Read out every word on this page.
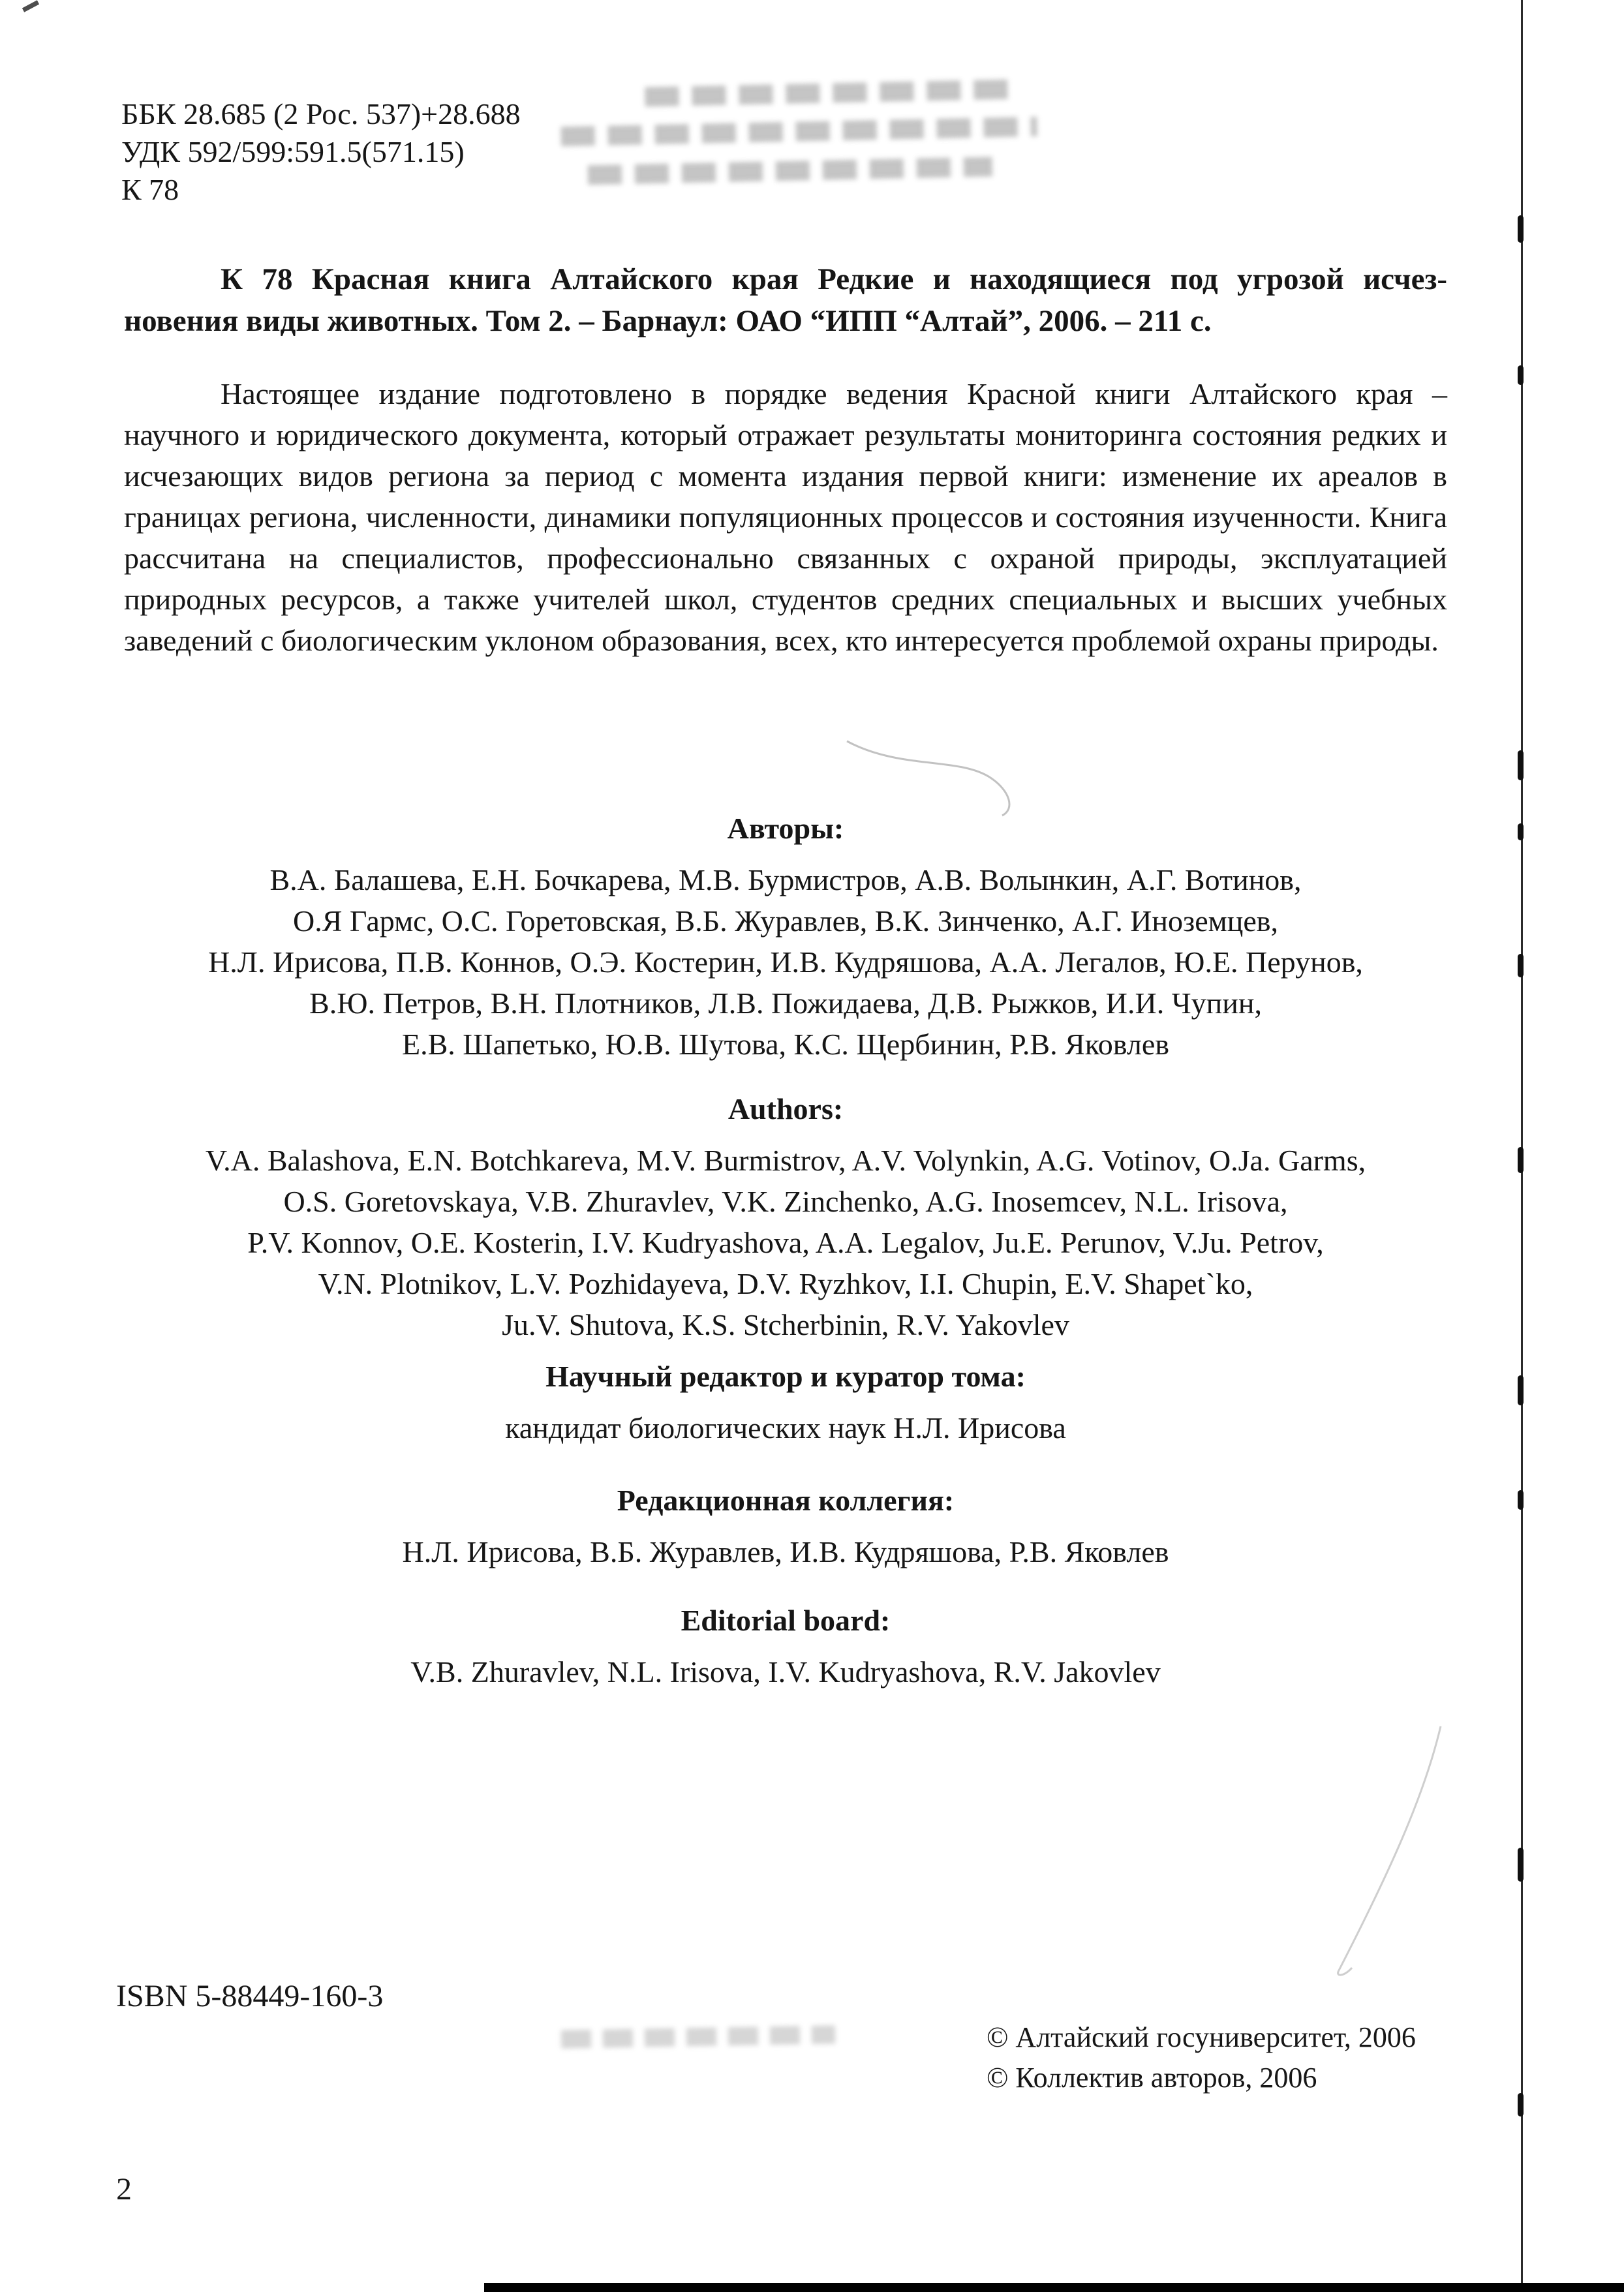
ББК 28.685 (2 Рос. 537)+28.688
УДК 592/599:591.5(571.15)
К 78
К 78 Красная книга Алтайского края Редкие и находящиеся под угрозой исчез-
новения виды животных. Том 2. – Барнаул: ОАО “ИПП “Алтай”, 2006. – 211 с.

Настоящее издание подготовлено в порядке ведения Красной книги Алтайского края – научного и юридического документа, который отражает результаты мониторинга состояния редких и исчезающих видов региона за период с момента издания первой книги: изменение их ареалов в границах региона, численности, динамики популяционных процессов и состояния изученности. Книга рассчитана на специалистов, профессионально связанных с охраной природы, эксплуатацией природных ресурсов, а также учителей школ, студентов средних специальных и высших учебных заведений с биологическим уклоном образования, всех, кто интересуется проблемой охраны природы.

Авторы:
В.А. Балашева, Е.Н. Бочкарева, М.В. Бурмистров, А.В. Волынкин, А.Г. Вотинов,
О.Я Гармс, О.С. Горетовская, В.Б. Журавлев, В.К. Зинченко, А.Г. Иноземцев,
Н.Л. Ирисова, П.В. Коннов, О.Э. Костерин, И.В. Кудряшова, А.А. Легалов, Ю.Е. Перунов,
В.Ю. Петров, В.Н. Плотников, Л.В. Пожидаева, Д.В. Рыжков, И.И. Чупин,
Е.В. Шапетько, Ю.В. Шутова, К.С. Щербинин, Р.В. Яковлев
Authors:
V.A. Balashova, E.N. Botchkareva, M.V. Burmistrov, A.V. Volynkin, A.G. Votinov, O.Ja. Garms,
O.S. Goretovskaya, V.B. Zhuravlev, V.K. Zinchenko, A.G. Inosemcev, N.L. Irisova,
P.V. Konnov, O.E. Kosterin, I.V. Kudryashova, A.A. Legalov, Ju.E. Perunov, V.Ju. Petrov,
V.N. Plotnikov, L.V. Pozhidayeva, D.V. Ryzhkov, I.I. Chupin, E.V. Shapet`ko,
Ju.V. Shutova, K.S. Stcherbinin, R.V. Yakovlev
Научный редактор и куратор тома:
кандидат биологических наук Н.Л. Ирисова
Редакционная коллегия:
Н.Л. Ирисова, В.Б. Журавлев, И.В. Кудряшова, Р.В. Яковлев
Editorial board:
V.B. Zhuravlev, N.L. Irisova, I.V. Kudryashova, R.V. Jakovlev
ISBN 5-88449-160-3
© Алтайский госуниверситет, 2006
© Коллектив авторов, 2006
2
